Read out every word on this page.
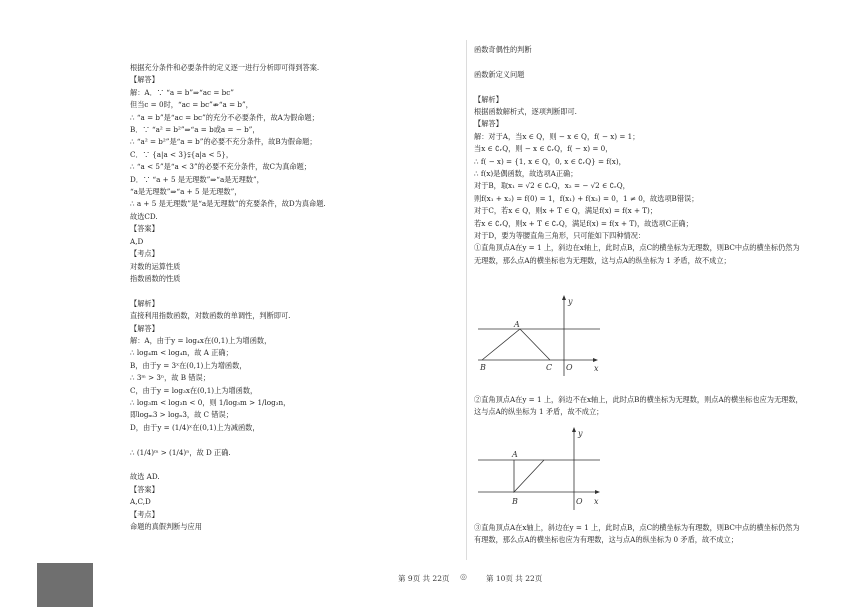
根据充分条件和必要条件的定义逐一进行分析即可得到答案.
【解答】
解：A．∵ “a = b”⇒“ac = bc”
但当c = 0时，“ac = bc”⇏“a = b”，
∴ “a = b”是“ac = bc”的充分不必要条件，故A为假命题；
B．∵ “a² = b²”⇒“a = b或a = − b”，
∴ “a² = b²”是“a = b”的必要不充分条件，故B为假命题；
C．∵ {a|a < 3}⫋{a|a < 5}，
∴ “a < 5”是“a < 3”的必要不充分条件，故C为真命题；
D．∵ “a + 5 是无理数”⇒“a是无理数”，
“a是无理数”⇒“a + 5 是无理数”，
∴ a + 5 是无理数”是“a是无理数”的充要条件，故D为真命题.
故选CD.
【答案】
A,D
【考点】
对数的运算性质
指数函数的性质
【解析】
直接利用指数函数，对数函数的单调性，判断即可.
【解答】
解：A，由于y = log₄x在(0,1)上为增函数，
∴ log₄m < log₄n，故 A 正确；
B，由于y = 3ˣ在(0,1)上为增函数，
∴ 3ᵐ > 3ⁿ，故 B 错误；
C，由于y = log₃x在(0,1)上为增函数，
∴ log₃m < log₃n < 0，则 1/log₃m > 1/log₃n，
即logₘ3 > logₙ3，故 C 错误；
D，由于y = (1/4)ˣ在(0,1)上为减函数，
∴ (1/4)ᵐ > (1/4)ⁿ，故 D 正确.
故选 AD.
【答案】
A,C,D
【考点】
命题的真假判断与应用
函数奇偶性的判断
函数新定义问题
【解析】
根据函数解析式，逐项判断即可.
【解答】
解：对于A，当x ∈ Q，则 − x ∈ Q，f( − x) = 1；
当x ∈ ∁ᵣQ，则 − x ∈ ∁ᵣQ，f( − x) = 0，
∴ f( − x) = {1, x ∈ Q，0, x ∈ ∁ᵣQ} = f(x)，
∴ f(x)是偶函数，故选项A正确；
对于B，取x₁ = √2 ∈ ∁ᵣQ，x₂ = − √2 ∈ ∁ᵣQ，
则f(x₁ + x₂) = f(0) = 1，f(x₁) + f(x₂) = 0，1 ≠ 0，故选项B错误；
对于C，若x ∈ Q，则x + T ∈ Q，满足f(x) = f(x + T)；
若x ∈ ∁ᵣQ，则x + T ∈ ∁ᵣQ，满足f(x) = f(x + T)，故选项C正确；
对于D，要为等腰直角三角形，只可能如下四种情况：
①直角顶点A在y = 1 上，斜边在x轴上，此时点B，点C的横坐标为无理数，则BC中点的横坐标仍然为无理数，那么点A的横坐标也为无理数，这与点A的纵坐标为 1 矛盾，故不成立；
y
x
A
B	C O
②直角顶点A在y = 1 上，斜边不在x轴上，此时点B的横坐标为无理数，则点A的横坐标也应为无理数，这与点A的纵坐标为 1 矛盾，故不成立；
y
x
A
B	O
③直角顶点A在x轴上，斜边在y = 1 上，此时点B，点C的横坐标为有理数，则BC中点的横坐标仍然为有理数，那么点A的横坐标也应为有理数，这与点A的纵坐标为 0 矛盾，故不成立；
第 9页 共 22页 ◎	第 10页 共 22页
